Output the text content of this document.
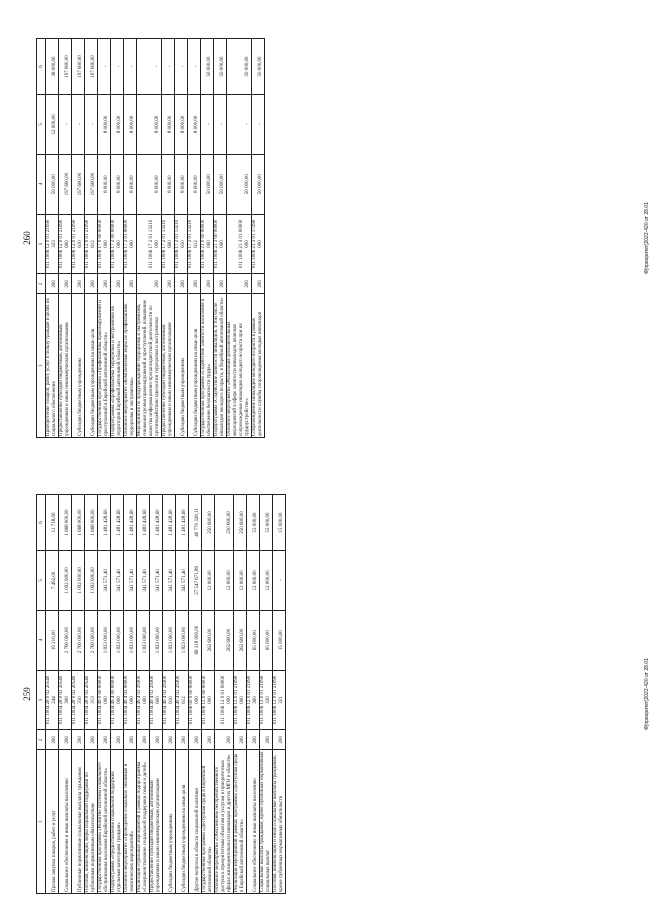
260
1	2	3	4	5	6
Приобретение товаров, работ, услуг в пользу граждан в целях их социального обеспечения	200	011 1006 12 0 01 21090 323	50 000,00	12 000,00	38 000,00
Предоставление субсидий бюджетным, автономным учреждениям и иным некоммерческим организациям	200	011 1006 12 0 01 21090 600	197 600,00	-	197 600,00
Субсидии бюджетным учреждениям	200	011 1006 12 0 01 21090 610	197 600,00	-	197 600,00
Субсидии бюджетным учреждениям на иные цели	200	011 1006 12 0 01 21090 612	197 600,00	-	197 600,00
Государственная программа «Профилактика правонарушений и преступлений в Еврейской автономной области»	200	011 1006 17 0 00 00000 000	8 000,00	8 000,00	-
Подпрограмма «Профилактика терроризма и экстремизма на территории Еврейской автономной области»	200	011 1006 17 2 00 00000 000	8 000,00	8 000,00	-
Основное мероприятие «Комплексные меры по профилактике терроризма и экстремизма»	200	011 1006 17 2 01 00000 000	8 000,00	8 000,00	-
Мероприятия по предупреждению терроризма и экстремизма, снижения уровня правонарушений и преступлений, повышение качества информационно-пропагандистской деятельности по противодействию идеологии терроризма и экстремизма	200	011 1006 17 2 01 13210 000	8 000,00	8 000,00	-
Предоставление субсидий бюджетным, автономным учреждениям и иным некоммерческим организациям	200	011 1006 17 2 01 13210 600	8 000,00	8 000,00	-
Субсидии бюджетным учреждениям	200	011 1006 17 2 01 13210 610	8 000,00	8 000,00	-
Субсидии бюджетным учреждениям на иные цели	200	011 1006 17 2 01 13210 612	8 000,00	8 000,00	-
Государственная программа «Содействие занятости населения и обеспечение безопасности труда»	200	011 1006 21 0 00 00000 000	50 000,00	-	50 000,00
Подпрограмма «Содействие занятости инвалидов, в том числе инвалидов молодого возраста, в Еврейской автономной области»	200	011 1006 21 3 00 00000 000	50 000,00	-	50 000,00
Основное мероприятие «Реализация дополнительных мероприятий в сфере занятости инвалидов, включая сопровождение инвалидов молодого возраста при их трудоустройстве»	200	011 1006 21 3 01 00000 000	50 000,00	-	50 000,00
Сопровождение инвалидов молодого возраста в рамках деятельности службы сопровождения молодых инвалидов	200	011 1006 21 3 01 17290 000	50 000,00	-	50 000,00
Ф[приоритет]2022-420 от 28.01
259
1	2	3	4	5	6
Прочая закупка товаров, работ и услуг	200	011 1004 28 0 02 20540 244	19 210,00	7 492,00	11 718,00
Социальное обеспечение и иные выплаты населению	200	011 1004 28 0 02 20540 300	2 760 000,00	1 092 000,00	1 668 000,00
Публичные нормативные социальные выплаты гражданам	200	011 1004 28 0 02 20540 310	2 760 000,00	1 092 000,00	1 668 000,00
Пособия, компенсации, меры социальной поддержки по публичным нормативным обязательствам	200	011 1004 28 0 02 20540 313	2 760 000,00	1 092 000,00	1 668 000,00
Государственная программа «Развитие системы социального обслуживания населения Еврейской автономной области»	200	011 1004 49 0 00 00000 000	1 823 000,00	341 571,40	1 481 428,60
Подпрограмма «Предоставление социальной поддержки отдельным категориям граждан»	200	011 1004 49 4 00 00000 000	1 823 000,00	341 571,40	1 481 428,60
Основное мероприятие «Проведение социально значимых и тематических мероприятий»	200	011 1004 49 4 02 00000 000	1 823 000,00	341 571,40	1 481 428,60
Реализация отдельных мероприятий в рамках подпрограммы «Совершенствование социальной поддержки семьи и детей»	200	011 1004 49 4 02 29300 000	1 823 000,00	341 571,40	1 481 428,60
Предоставление субсидий бюджетным, автономным учреждениям и иным некоммерческим организациям	200	011 1004 49 4 02 29300 600	1 823 000,00	341 571,40	1 481 428,60
Субсидии бюджетным учреждениям	200	011 1004 49 4 02 29300 610	1 823 000,00	341 571,40	1 481 428,60
Субсидии бюджетным учреждениям на иные цели	200	011 1004 49 4 02 29300 612	1 823 000,00	341 571,40	1 481 428,60
Другие вопросы в области социальной политики	200	011 1006 00 0 00 00000 000	68 318 000,00	27 547 671,89	40 770 328,11
Государственная программа «Доступная среда в Еврейской автономной области»	200	011 1006 12 0 00 00000 000	262 600,00	12 000,00	250 600,00
Основное мероприятие «Обеспечение беспрепятственного доступа к приоритетным объектам и услугам в приоритетных сферах жизнедеятельности инвалидов и других МГН в области»	200	011 1006 12 0 01 00000 000	262 600,00	12 000,00	250 600,00
Реализация мероприятий в рамках программы «Доступная среда в Еврейской автономной области»	200	011 1006 12 0 01 21090 000	262 600,00	12 000,00	250 600,00
Социальное обеспечение и иные выплаты населению	200	011 1006 12 0 01 21090 300	65 000,00	12 000,00	53 000,00
Социальные выплаты гражданам, кроме публичных нормативных социальных выплат	200	011 1006 12 0 01 21090 320	65 000,00	12 000,00	53 000,00
Пособия, компенсации и иные социальные выплаты гражданам, кроме публичных нормативных обязательств	200	011 1006 12 0 01 21090 321	15 000,00	-	15 000,00
Ф[приоритет]2022-420 от 28.01
